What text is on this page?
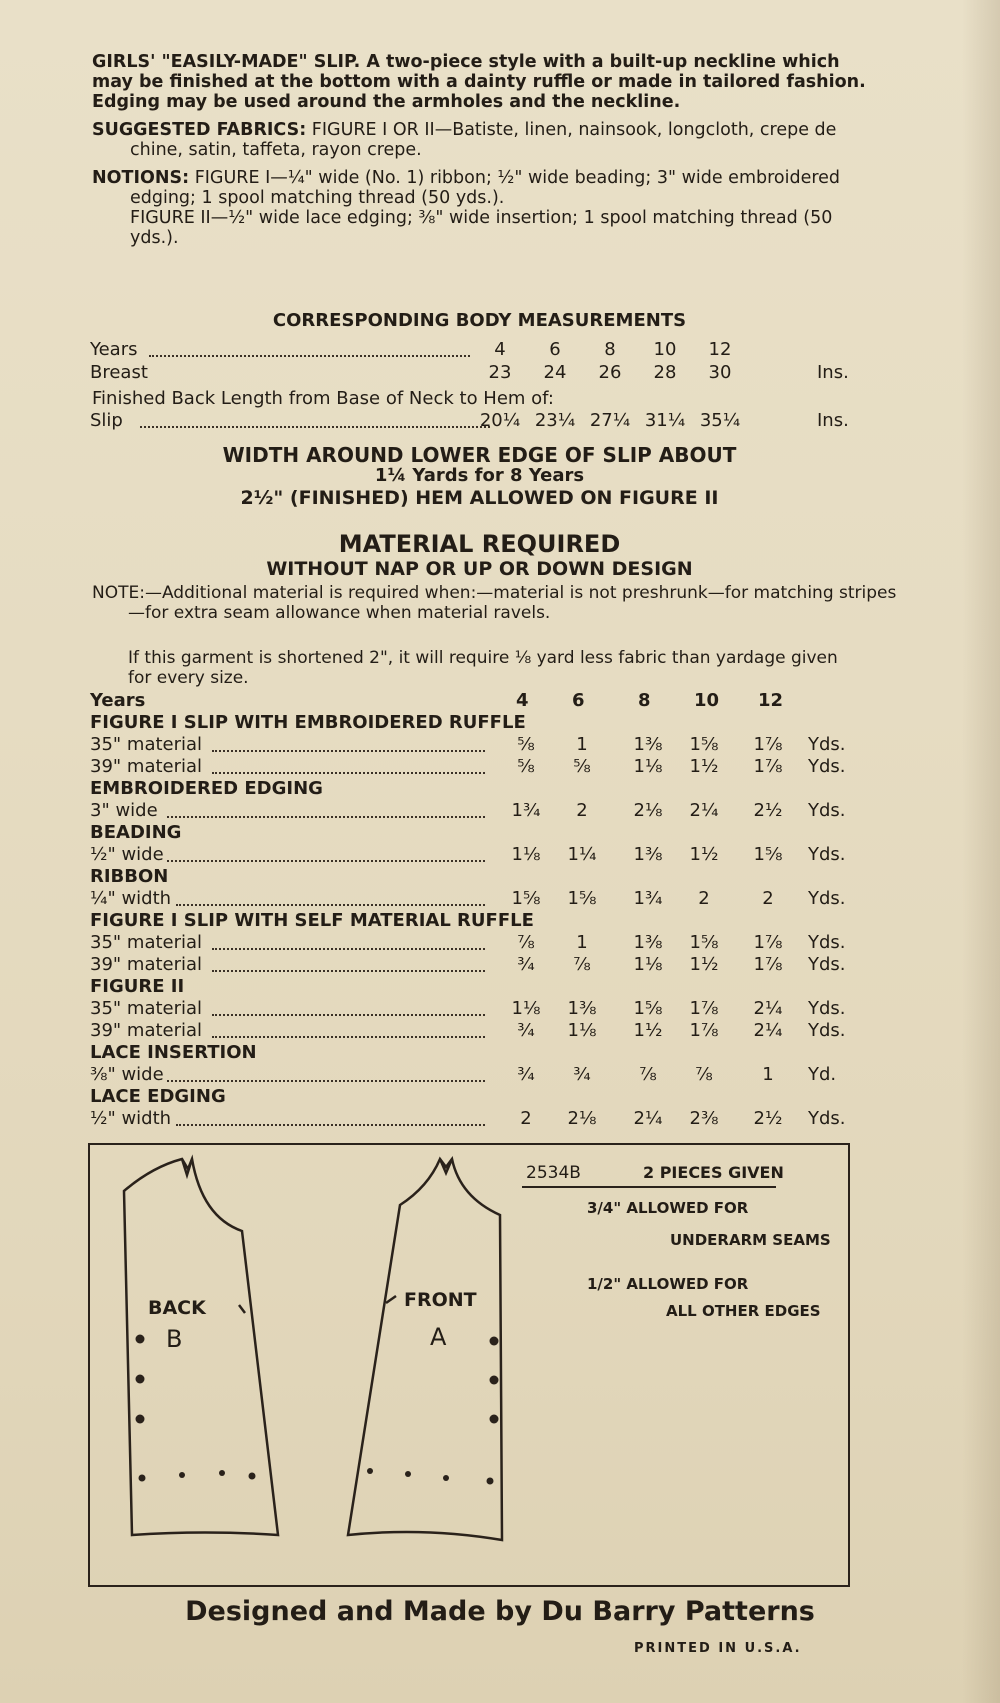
GIRLS' "EASILY-MADE" SLIP. A two-piece style with a built-up neckline which may be finished at the bottom with a dainty ruffle or made in tailored fashion. Edging may be used around the armholes and the neckline.

SUGGESTED FABRICS: FIGURE I OR II—Batiste, linen, nainsook, longcloth, crepe de chine, satin, taffeta, rayon crepe.

NOTIONS: FIGURE I—¼" wide (No. 1) ribbon; ½" wide beading; 3" wide embroidered edging; 1 spool matching thread (50 yds.).

FIGURE II—½" wide lace edging; ⅜" wide insertion; 1 spool matching thread (50 yds.).

CORRESPONDING BODY MEASUREMENTS
Years	4	6	8	10	12
Breast	23	24	26	28	30	Ins.
Slip	20¼ 23¼ 27¼ 31¼ 35¼	Ins.
Finished Back Length from Base of Neck to Hem of:
WIDTH AROUND LOWER EDGE OF SLIP ABOUT
1¼ Yards for 8 Years
2½" (FINISHED) HEM ALLOWED ON FIGURE II
MATERIAL REQUIRED
WITHOUT NAP OR UP OR DOWN DESIGN
NOTE:—Additional material is required when:—material is not preshrunk—for matching stripes—for extra seam allowance when material ravels.
If this garment is shortened 2", it will require ⅛ yard less fabric than yardage given for every size.
Years	4 6	8 10 12
FIGURE I SLIP WITH EMBROIDERED RUFFLE
35" material	⅝	1	1⅜	1⅝	1⅞	Yds.
39" material	⅝	⅝	1⅛	1½	1⅞	Yds.
EMBROIDERED EDGING
3" wide	1¾	2	2⅛	2¼	2½	Yds.
BEADING
½" wide	1⅛	1¼	1⅜	1½	1⅝	Yds.
RIBBON
¼" width	1⅝	1⅝	1¾	2	2	Yds.
FIGURE I SLIP WITH SELF MATERIAL RUFFLE
35" material	⅞	1	1⅜	1⅝	1⅞	Yds.
39" material	¾	⅞	1⅛	1½	1⅞	Yds.
FIGURE II
35" material	1⅛	1⅜	1⅝	1⅞	2¼	Yds.
39" material	¾	1⅛	1½	1⅞	2¼	Yds.
LACE INSERTION
⅜" wide	¾	¾	⅞	⅞	1	Yd.
LACE EDGING
½" width	2	2⅛	2¼	2⅜	2½	Yds.
BACK
B
FRONT
A
2534B	2 PIECES GIVEN
3/4" ALLOWED FOR
UNDERARM SEAMS
1/2" ALLOWED FOR
ALL OTHER EDGES
Designed and Made by Du Barry Patterns
PRINTED IN U.S.A.
